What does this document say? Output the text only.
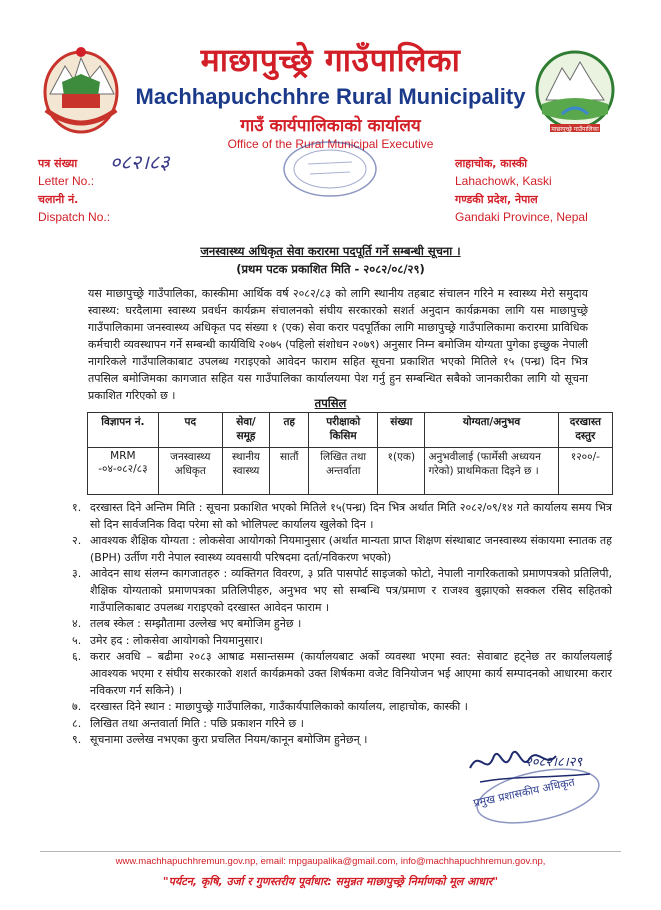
माछापुच्छ्रे गाउँपालिका
माछापुच्छ्रे गाउँपालिका
Machhapuchchhre Rural Municipality
गाउँ कार्यपालिकाको कार्यालय
Office of the Rural Municipal Executive
पत्र संख्या ०८२।८३
Letter No.:
चलानी नं.
Dispatch No.:
लाहाचोक, कास्की
Lahachowk, Kaski
गण्डकी प्रदेश, नेपाल
Gandaki Province, Nepal
जनस्वास्थ्य अधिकृत सेवा करारमा पदपूर्ति गर्ने सम्बन्धी सूचना ।
(प्रथम पटक प्रकाशित मिति - २०८२/०८/२९)
यस माछापुच्छ्रे गाउँपालिका, कास्कीमा आर्थिक वर्ष २०८२/८३ को लागि स्थानीय तहबाट संचालन गरिने म स्वास्थ्य मेरो समुदाय स्वास्थ्य: घरदैलामा स्वास्थ्य प्रवर्धन कार्यक्रम संचालनको संघीय सरकारको सशर्त अनुदान कार्यक्रमका लागि यस माछापुच्छ्रे गाउँपालिकामा जनस्वास्थ्य अधिकृत पद संख्या १ (एक) सेवा करार पदपूर्तिका लागि माछापुच्छ्रे गाउँपालिकामा करारमा प्राविधिक कर्मचारी व्यवस्थापन गर्ने सम्बन्धी कार्यविधि २०७५ (पहिलो संशोधन २०७९) अनुसार निम्न बमोजिम योग्यता पुगेका इच्छुक नेपाली नागरिकले गाउँपालिकाबाट उपलब्ध गराइएको आवेदन फाराम सहित सूचना प्रकाशित भएको मितिले १५ (पन्ध्र) दिन भित्र तपसिल बमोजिमका कागजात सहित यस गाउँपालिका कार्यालयमा पेश गर्नु हुन सम्बन्धित सबैको जानकारीका लागि यो सूचना प्रकाशित गरिएको छ ।
तपसिल
विज्ञापन नं.	पद	सेवा/ समूह	तह	परीक्षाको किसिम	संख्या	योग्यता/अनुभव	दरखास्त दस्तुर
MRM -०४-०८२/८३	जनस्वास्थ्य अधिकृत	स्थानीय स्वास्थ्य	सातौं	लिखित तथा अन्तर्वाता	१(एक)	अनुभवीलाई (फार्मेसी अध्ययन गरेको) प्राथमिकता दिइने छ ।	१२००/-
१. दरखास्त दिने अन्तिम मिति : सूचना प्रकाशित भएको मितिले १५(पन्ध्र) दिन भित्र अर्थात मिति २०८२/०९/१४ गते कार्यालय समय भित्र सो दिन सार्वजनिक विदा परेमा सो को भोलिपल्ट कार्यालय खुलेको दिन ।
२. आवश्यक शैक्षिक योग्यता : लोकसेवा आयोगको नियमानुसार (अर्थात मान्यता प्राप्त शिक्षण संस्थाबाट जनस्वास्थ्य संकायमा स्नातक तह (BPH) उर्तीण गरी नेपाल स्वास्थ्य व्यवसायी परिषदमा दर्ता/नविकरण भएको)
३. आवेदन साथ संलग्न कागजातहरु : व्यक्तिगत विवरण, ३ प्रति पासपोर्ट साइजको फोटो, नेपाली नागरिकताको प्रमाणपत्रको प्रतिलिपी, शैक्षिक योग्यताको प्रमाणपत्रका प्रतिलिपीहरु, अनुभव भए सो सम्बन्धि पत्र/प्रमाण र राजश्व बुझाएको सक्कल रसिद सहितको गाउँपालिकाबाट उपलब्ध गराइएको दरखास्त आवेदन फाराम ।
४. तलब स्केल : सम्झौतामा उल्लेख भए बमोजिम हुनेछ ।
५. उमेर हद : लोकसेवा आयोगको नियमानुसार।
६. करार अवधि – बढीमा २०८३ आषाढ मसान्तसम्म (कार्यालयबाट अर्को व्यवस्था भएमा स्वत: सेवाबाट हट्नेछ तर कार्यालयलाई आवश्यक भएमा र संघीय सरकारको शशर्त कार्यक्रमको उक्त शिर्षकमा वजेट विनियोजन भई आएमा कार्य सम्पादनको आधारमा करार नविकरण गर्न सकिने) ।
७. दरखास्त दिने स्थान : माछापुच्छ्रे गाउँपालिका, गाउँकार्यपालिकाको कार्यालय, लाहाचोक, कास्की ।
८. लिखित तथा अन्तवार्ता मिति : पछि प्रकाशन गरिने छ ।
९. सूचनामा उल्लेख नभएका कुरा प्रचलित नियम/कानून बमोजिम हुनेछन् ।
२०८२।८।२९
प्रमुख प्रशासकीय अधिकृत
www.machhapuchhremun.gov.np, email: mpgaupalika@gmail.com, info@machhapuchhremun.gov.np,
"पर्यटन, कृषि, उर्जा र गुणस्तरीय पूर्वाधार: समुन्नत माछापुच्छ्रे निर्माणको मूल आधार"
